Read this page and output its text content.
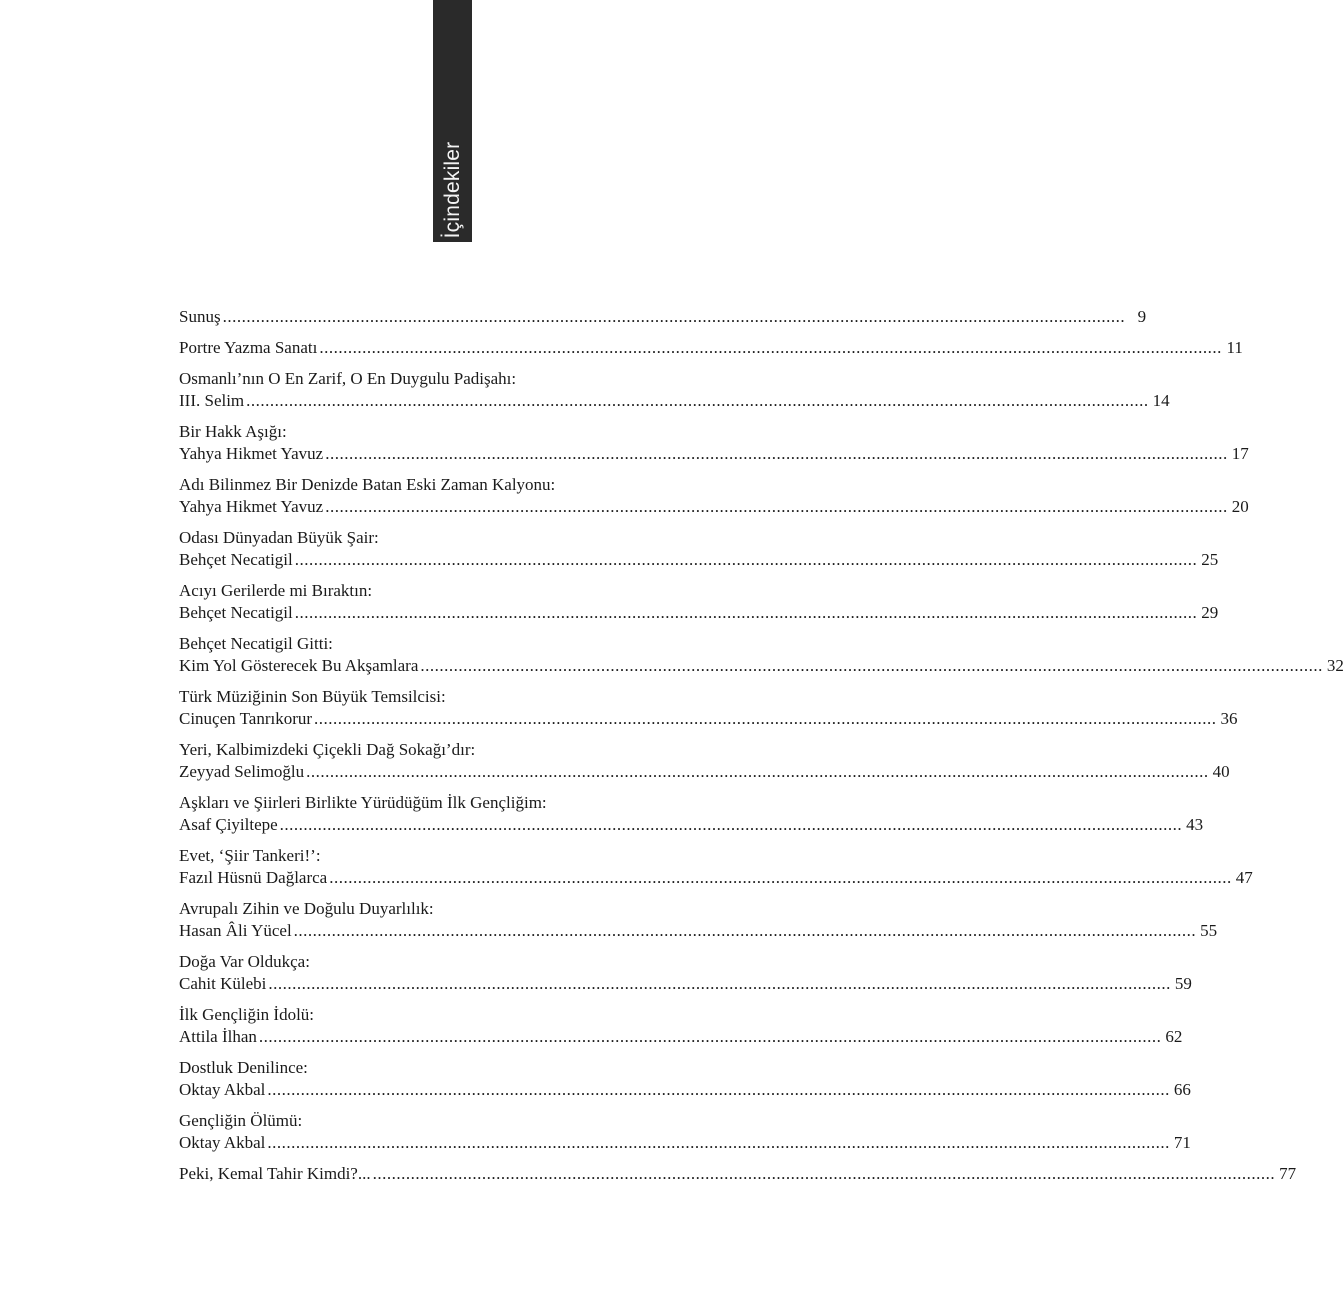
İçindekiler
Sunuş .............................................................................................................................................................................................. 9
Portre Yazma Sanatı .............................................................................................................................................................................................. 11
Osmanlı’nın O En Zarif, O En Duygulu Padişahı:
III. Selim .............................................................................................................................................................................................. 14
Bir Hakk Aşığı:
Yahya Hikmet Yavuz .............................................................................................................................................................................................. 17
Adı Bilinmez Bir Denizde Batan Eski Zaman Kalyonu:
Yahya Hikmet Yavuz .............................................................................................................................................................................................. 20
Odası Dünyadan Büyük Şair:
Behçet Necatigil .............................................................................................................................................................................................. 25
Acıyı Gerilerde mi Bıraktın:
Behçet Necatigil .............................................................................................................................................................................................. 29
Behçet Necatigil Gitti:
Kim Yol Gösterecek Bu Akşamlara .............................................................................................................................................................................................. 32
Türk Müziğinin Son Büyük Temsilcisi:
Cinuçen Tanrıkorur .............................................................................................................................................................................................. 36
Yeri, Kalbimizdeki Çiçekli Dağ Sokağı’dır:
Zeyyad Selimoğlu .............................................................................................................................................................................................. 40
Aşkları ve Şiirleri Birlikte Yürüdüğüm İlk Gençliğim:
Asaf Çiyiltepe .............................................................................................................................................................................................. 43
Evet, ‘Şiir Tankeri!’:
Fazıl Hüsnü Dağlarca .............................................................................................................................................................................................. 47
Avrupalı Zihin ve Doğulu Duyarlılık:
Hasan Âli Yücel .............................................................................................................................................................................................. 55
Doğa Var Oldukça:
Cahit Külebi .............................................................................................................................................................................................. 59
İlk Gençliğin İdolü:
Attila İlhan .............................................................................................................................................................................................. 62
Dostluk Denilince:
Oktay Akbal .............................................................................................................................................................................................. 66
Gençliğin Ölümü:
Oktay Akbal .............................................................................................................................................................................................. 71
Peki, Kemal Tahir Kimdi?... .............................................................................................................................................................................................. 77
